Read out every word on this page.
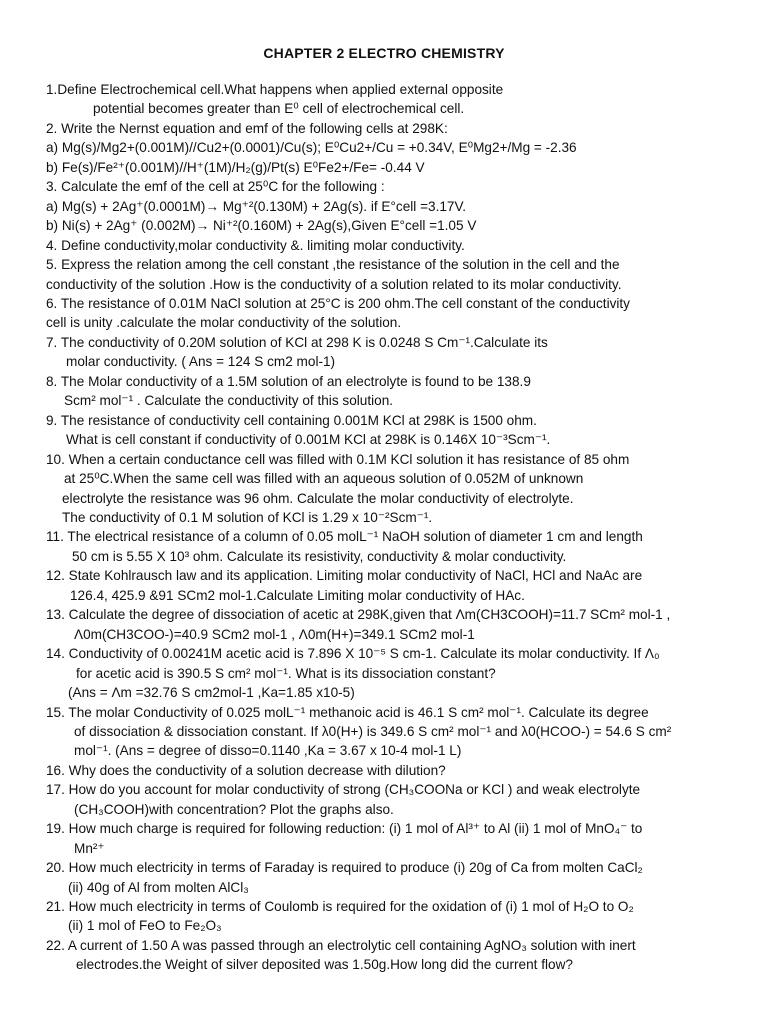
CHAPTER 2 ELECTRO CHEMISTRY
1.Define Electrochemical cell.What happens when applied external opposite
potential becomes greater than E⁰ cell of electrochemical cell.
2. Write the Nernst equation and emf of the following cells at 298K:
a) Mg(s)/Mg2+(0.001M)//Cu2+(0.0001)/Cu(s); E⁰Cu2+/Cu = +0.34V, E⁰Mg2+/Mg = -2.36
b) Fe(s)/Fe²⁺(0.001M)//H⁺(1M)/H₂(g)/Pt(s) E⁰Fe2+/Fe= -0.44 V
3. Calculate the emf of the cell at 25⁰C for the following :
a) Mg(s) + 2Ag⁺(0.0001M)→ Mg⁺²(0.130M) + 2Ag(s). if E°cell =3.17V.
b) Ni(s) + 2Ag⁺ (0.002M)→ Ni⁺²(0.160M) + 2Ag(s),Given E°cell =1.05 V
4. Define conductivity,molar conductivity &. limiting molar conductivity.
5. Express the relation among the cell constant ,the resistance of the solution in the cell and the
conductivity of the solution .How is the conductivity of a solution related to its molar conductivity.
6. The resistance of 0.01M NaCl solution at 25°C is 200 ohm.The cell constant of the conductivity
cell is unity .calculate the molar conductivity of the solution.
7. The conductivity of 0.20M solution of KCl at 298 K is 0.0248 S Cm⁻¹.Calculate its
molar conductivity. ( Ans = 124 S cm2 mol-1)
8. The Molar conductivity of a 1.5M solution of an electrolyte is found to be 138.9
Scm² mol⁻¹ . Calculate the conductivity of this solution.
9. The resistance of conductivity cell containing 0.001M KCl at 298K is 1500 ohm.
What is cell constant if conductivity of 0.001M KCl at 298K is 0.146X 10⁻³Scm⁻¹.
10. When a certain conductance cell was filled with 0.1M KCl solution it has resistance of 85 ohm
at 25⁰C.When the same cell was filled with an aqueous solution of 0.052M of unknown
electrolyte the resistance was 96 ohm. Calculate the molar conductivity of electrolyte.
The conductivity of 0.1 M solution of KCl is 1.29 x 10⁻²Scm⁻¹.
11. The electrical resistance of a column of 0.05 molL⁻¹ NaOH solution of diameter 1 cm and length
50 cm is 5.55 X 10³ ohm. Calculate its resistivity, conductivity & molar conductivity.
12. State Kohlrausch law and its application. Limiting molar conductivity of NaCl, HCl and NaAc are
126.4, 425.9 &91 SCm2 mol-1.Calculate Limiting molar conductivity of HAc.
13. Calculate the degree of dissociation of acetic at 298K,given that Λm(CH3COOH)=11.7 SCm² mol-1 ,
Λ0m(CH3COO-)=40.9 SCm2 mol-1 , Λ0m(H+)=349.1 SCm2 mol-1
14. Conductivity of 0.00241M acetic acid is 7.896 X 10⁻⁵ S cm-1. Calculate its molar conductivity. If Λ₀
for acetic acid is 390.5 S cm² mol⁻¹. What is its dissociation constant?
(Ans = Λm =32.76 S cm2mol-1 ,Ka=1.85 x10-5)
15. The molar Conductivity of 0.025 molL⁻¹ methanoic acid is 46.1 S cm² mol⁻¹. Calculate its degree
of dissociation & dissociation constant. If λ0(H+) is 349.6 S cm² mol⁻¹ and λ0(HCOO-) = 54.6 S cm²
mol⁻¹. (Ans = degree of disso=0.1140 ,Ka = 3.67 x 10-4 mol-1 L)
16. Why does the conductivity of a solution decrease with dilution?
17. How do you account for molar conductivity of strong (CH₃COONa or KCl ) and weak electrolyte
(CH₃COOH)with concentration? Plot the graphs also.
19. How much charge is required for following reduction: (i) 1 mol of Al³⁺ to Al (ii) 1 mol of MnO₄⁻ to
Mn²⁺
20. How much electricity in terms of Faraday is required to produce (i) 20g of Ca from molten CaCl₂
(ii) 40g of Al from molten AlCl₃
21. How much electricity in terms of Coulomb is required for the oxidation of (i) 1 mol of H₂O to O₂
(ii) 1 mol of FeO to Fe₂O₃
22. A current of 1.50 A was passed through an electrolytic cell containing AgNO₃ solution with inert
electrodes.the Weight of silver deposited was 1.50g.How long did the current flow?
